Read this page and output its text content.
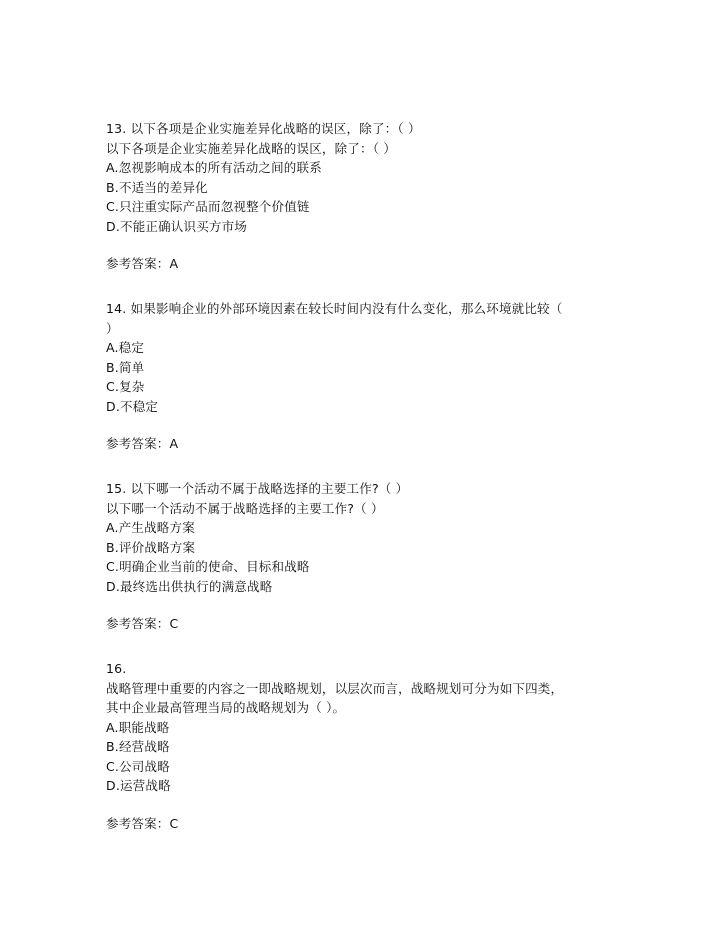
13. 以下各项是企业实施差异化战略的误区，除了：（ ）
以下各项是企业实施差异化战略的误区，除了：（ ）
A.忽视影响成本的所有活动之间的联系
B.不适当的差异化
C.只注重实际产品而忽视整个价值链
D.不能正确认识买方市场
参考答案：A
14. 如果影响企业的外部环境因素在较长时间内没有什么变化，那么环境就比较（
）
A.稳定
B.简单
C.复杂
D.不稳定
参考答案：A
15. 以下哪一个活动不属于战略选择的主要工作?（ ）
以下哪一个活动不属于战略选择的主要工作?（ ）
A.产生战略方案
B.评价战略方案
C.明确企业当前的使命、目标和战略
D.最终选出供执行的满意战略
参考答案：C
16.
战略管理中重要的内容之一即战略规划，以层次而言，战略规划可分为如下四类，
其中企业最高管理当局的战略规划为（ ）。
A.职能战略
B.经营战略
C.公司战略
D.运营战略
参考答案：C
